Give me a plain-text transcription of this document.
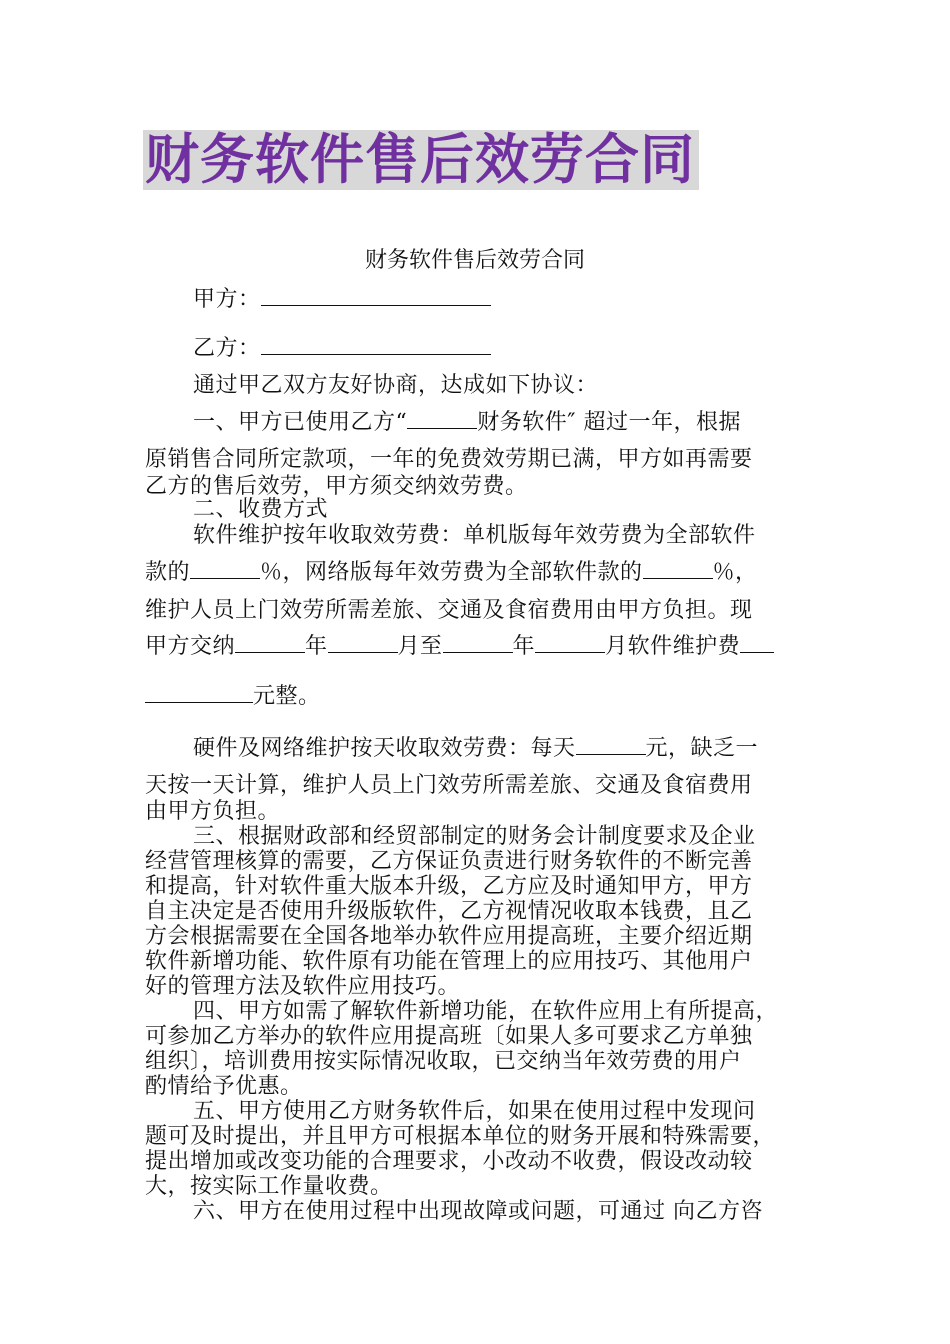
财务软件售后效劳合同
财务软件售后效劳合同
甲方：
乙方：
通过甲乙双方友好协商，达成如下协议：
一、甲方已使用乙方“	财务软件″ 超过一年，根据
原销售合同所定款项，一年的免费效劳期已满，甲方如再需要
乙方的售后效劳，甲方须交纳效劳费。
二、收费方式
软件维护按年收取效劳费：单机版每年效劳费为全部软件
款的	％，网络版每年效劳费为全部软件款的	％，
维护人员上门效劳所需差旅、交通及食宿费用由甲方负担。现
甲方交纳	年	月至	年	月软件维护费
元整。
硬件及网络维护按天收取效劳费：每天	元，缺乏一
天按一天计算，维护人员上门效劳所需差旅、交通及食宿费用
由甲方负担。
三、根据财政部和经贸部制定的财务会计制度要求及企业
经营管理核算的需要，乙方保证负责进行财务软件的不断完善
和提高，针对软件重大版本升级，乙方应及时通知甲方，甲方
自主决定是否使用升级版软件，乙方视情况收取本钱费，且乙
方会根据需要在全国各地举办软件应用提高班，主要介绍近期
软件新增功能、软件原有功能在管理上的应用技巧、其他用户
好的管理方法及软件应用技巧。
四、甲方如需了解软件新增功能，在软件应用上有所提高，
可参加乙方举办的软件应用提高班〔如果人多可要求乙方单独
组织〕，培训费用按实际情况收取，已交纳当年效劳费的用户
酌情给予优惠。
五、甲方使用乙方财务软件后，如果在使用过程中发现问
题可及时提出，并且甲方可根据本单位的财务开展和特殊需要，
提出增加或改变功能的合理要求，小改动不收费，假设改动较
大，按实际工作量收费。
六、甲方在使用过程中出现故障或问题，可通过 向乙方咨
